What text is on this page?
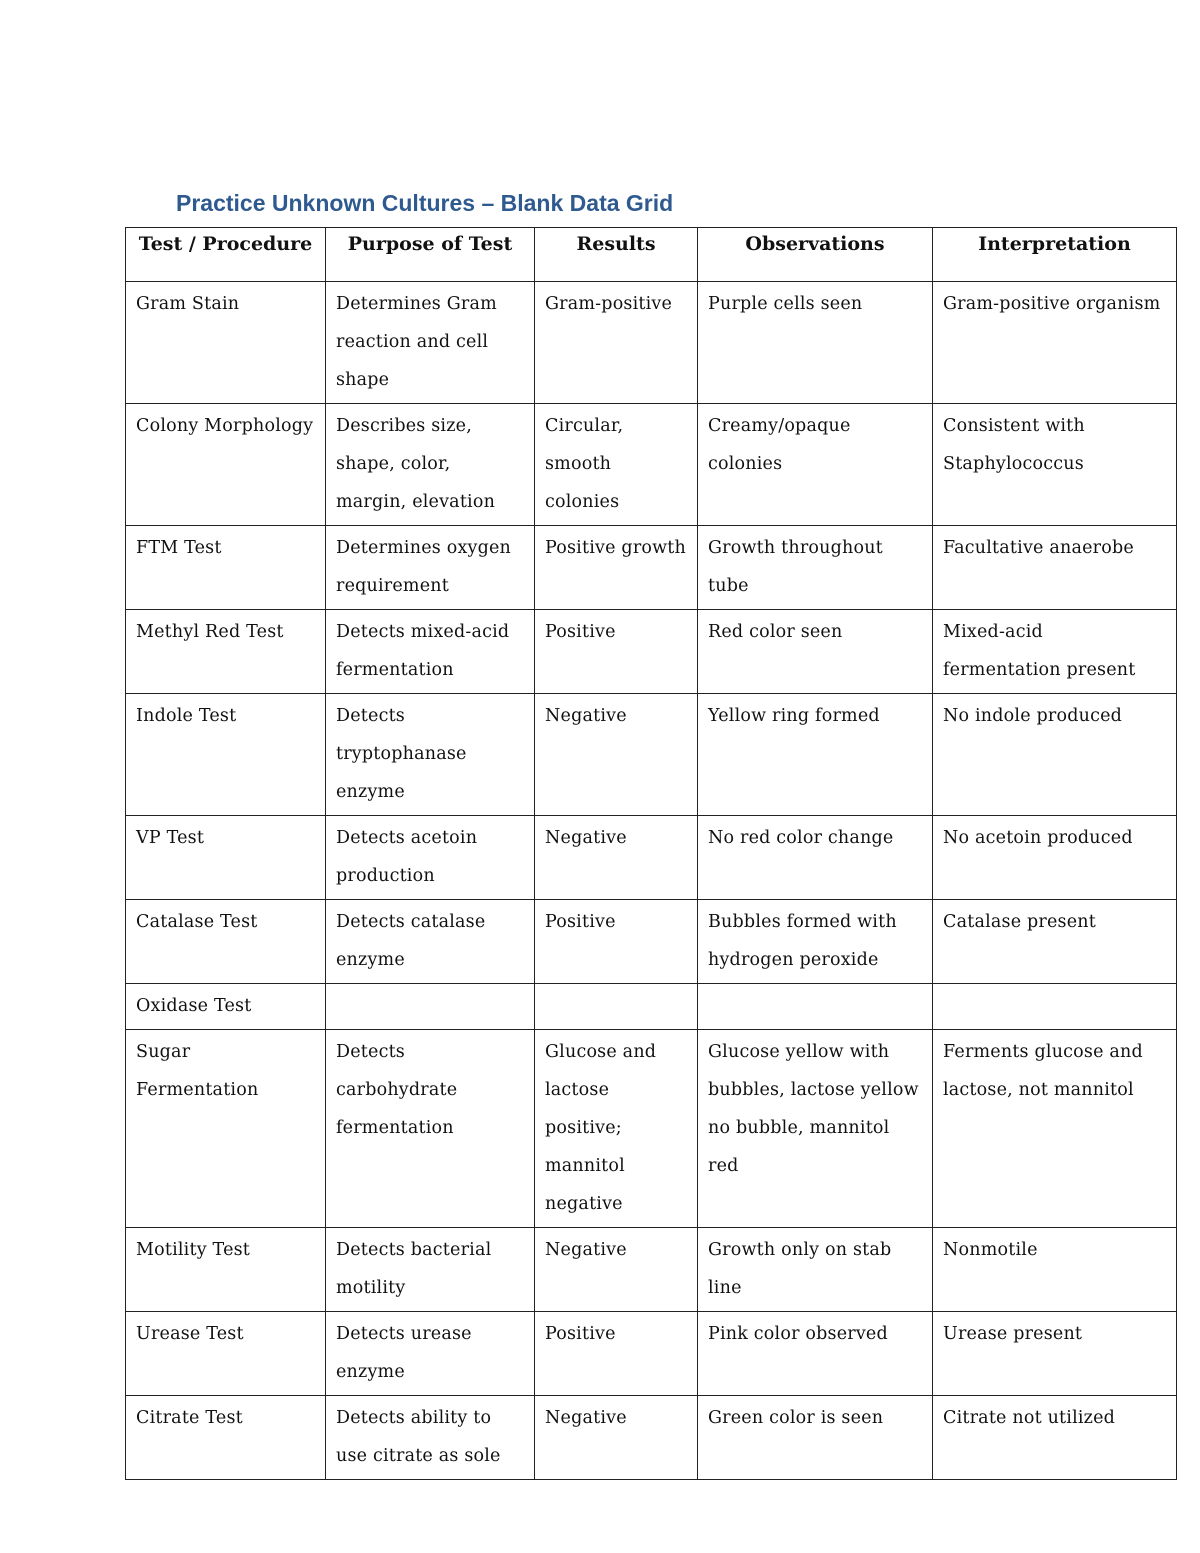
Practice Unknown Cultures – Blank Data Grid
Test / Procedure	Purpose of Test	Results	Observations	Interpretation
Gram Stain	Determines Gram reaction and cell shape	Gram-positive	Purple cells seen	Gram-positive organism
Colony Morphology	Describes size, shape, color, margin, elevation	Circular, smooth colonies	Creamy/opaque colonies	Consistent with Staphylococcus
FTM Test	Determines oxygen requirement	Positive growth	Growth throughout tube	Facultative anaerobe
Methyl Red Test	Detects mixed-acid fermentation	Positive	Red color seen	Mixed-acid fermentation present
Indole Test	Detects tryptophanase enzyme	Negative	Yellow ring formed	No indole produced
VP Test	Detects acetoin production	Negative	No red color change	No acetoin produced
Catalase Test	Detects catalase enzyme	Positive	Bubbles formed with hydrogen peroxide	Catalase present
Oxidase Test				
Sugar Fermentation	Detects carbohydrate fermentation	Glucose and lactose positive; mannitol negative	Glucose yellow with bubbles, lactose yellow no bubble, mannitol red	Ferments glucose and lactose, not mannitol
Motility Test	Detects bacterial motility	Negative	Growth only on stab line	Nonmotile
Urease Test	Detects urease enzyme	Positive	Pink color observed	Urease present
Citrate Test	Detects ability to use citrate as sole	Negative	Green color is seen	Citrate not utilized
